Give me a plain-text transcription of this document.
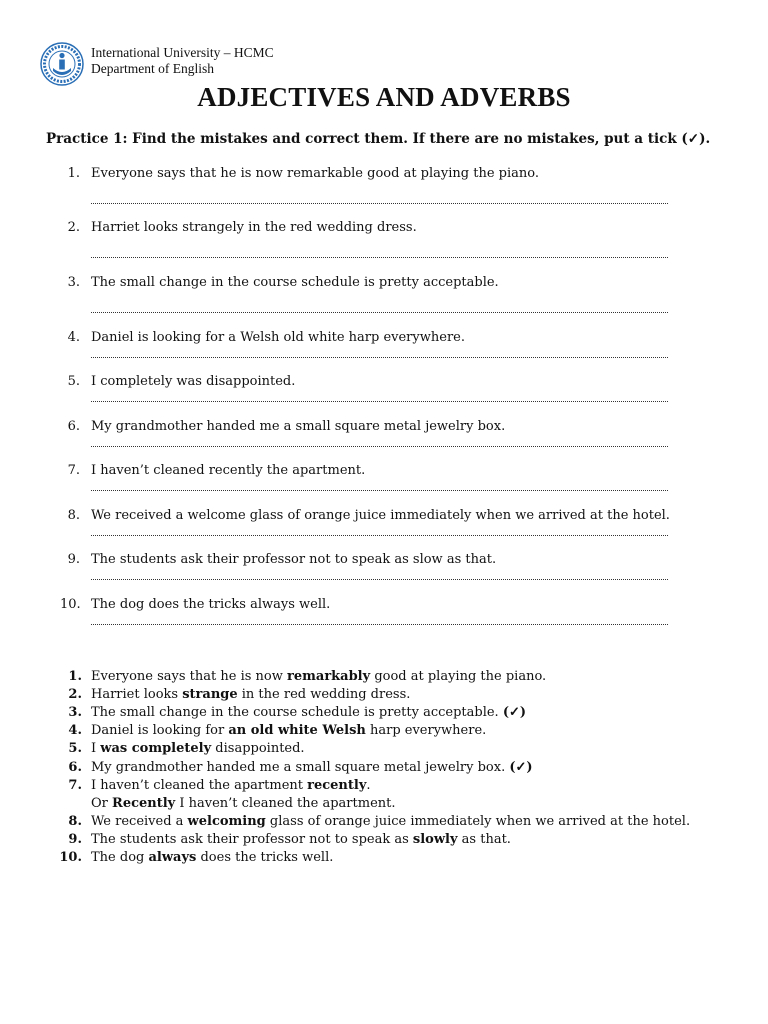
International University – HCMC
Department of English
ADJECTIVES AND ADVERBS
Practice 1: Find the mistakes and correct them. If there are no mistakes, put a tick (✓).
1. Everyone says that he is now remarkable good at playing the piano.
2. Harriet looks strangely in the red wedding dress.
3. The small change in the course schedule is pretty acceptable.
4. Daniel is looking for a Welsh old white harp everywhere.
5. I completely was disappointed.
6. My grandmother handed me a small square metal jewelry box.
7. I haven’t cleaned recently the apartment.
8. We received a welcome glass of orange juice immediately when we arrived at the hotel.
9. The students ask their professor not to speak as slow as that.
10. The dog does the tricks always well.
1. Everyone says that he is now remarkably good at playing the piano.
2. Harriet looks strange in the red wedding dress.
3. The small change in the course schedule is pretty acceptable. (✓)
4. Daniel is looking for an old white Welsh harp everywhere.
5. I was completely disappointed.
6. My grandmother handed me a small square metal jewelry box. (✓)
7. I haven’t cleaned the apartment recently.
Or Recently I haven’t cleaned the apartment.
8. We received a welcoming glass of orange juice immediately when we arrived at the hotel.
9. The students ask their professor not to speak as slowly as that.
10. The dog always does the tricks well.
